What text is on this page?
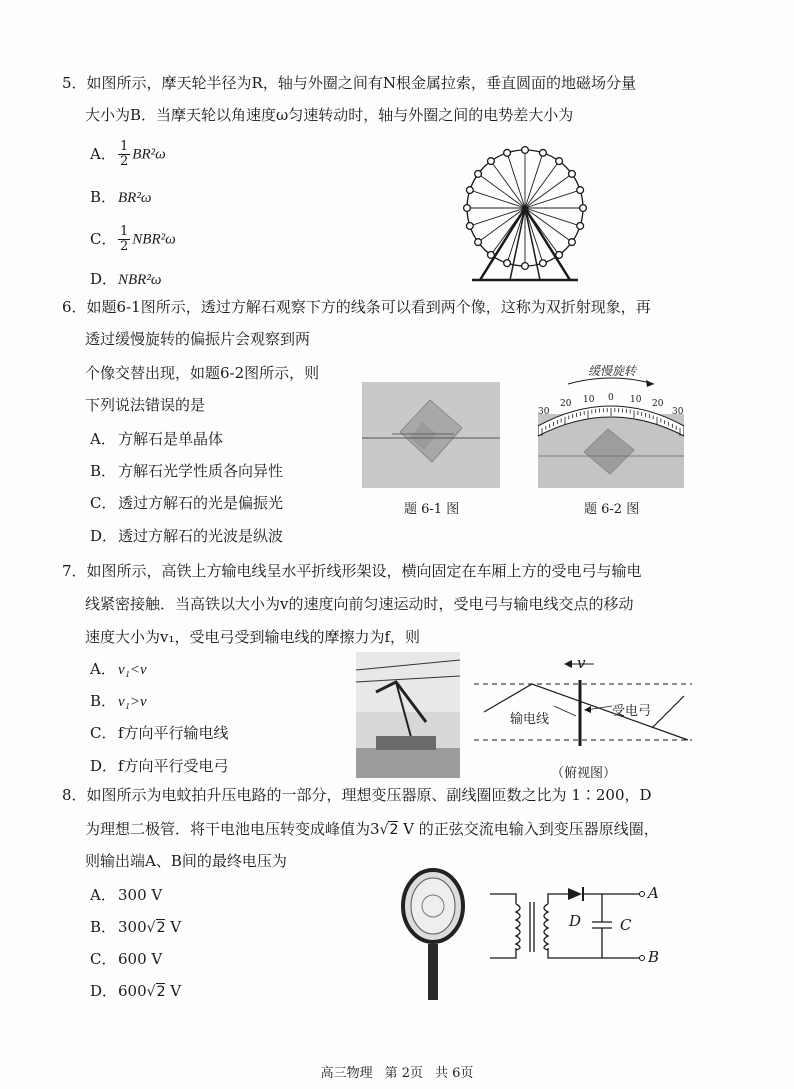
5．如图所示，摩天轮半径为R，轴与外圈之间有N根金属拉索，垂直圆面的地磁场分量
大小为B．当摩天轮以角速度ω匀速转动时，轴与外圈之间的电势差大小为
A． $\frac{1}{2} BR^2\omega$
B． BR²ω
C． $\frac{1}{2} NBR^2\omega$
D．NBR²ω
6．如题6-1图所示，透过方解石观察下方的线条可以看到两个像，这称为双折射现象，再
透过缓慢旋转的偏振片会观察到两
个像交替出现，如题6-2图所示，则
下列说法错误的是
A． 方解石是单晶体
B． 方解石光学性质各向异性
C． 透过方解石的光是偏振光
D．透过方解石的光波是纵波
题 6-1 图
缓慢旋转
30
20 10 0 10 20
30
题 6-2 图
7．如图所示，高铁上方输电线呈水平折线形架设，横向固定在车厢上方的受电弓与输电
线紧密接触．当高铁以大小为v的速度向前匀速运动时，受电弓与输电线交点的移动
速度大小为v₁，受电弓受到输电线的摩擦力为f，则
A． v₁<v
B． v₁>v
C． f方向平行输电线
D．f方向平行受电弓
v
输电线
受电弓
（俯视图）
8．如图所示为电蚊拍升压电路的一部分，理想变压器原、副线圈匝数之比为 1∶200，D
为理想二极管．将干电池电压转变成峰值为3√2 V 的正弦交流电输入到变压器原线圈，
则输出端A、B间的最终电压为
A． 300 V
B． 300√2 V
C． 600 V
D．600√2 V
D	C
A
B
高三物理 第 2页 共 6页
